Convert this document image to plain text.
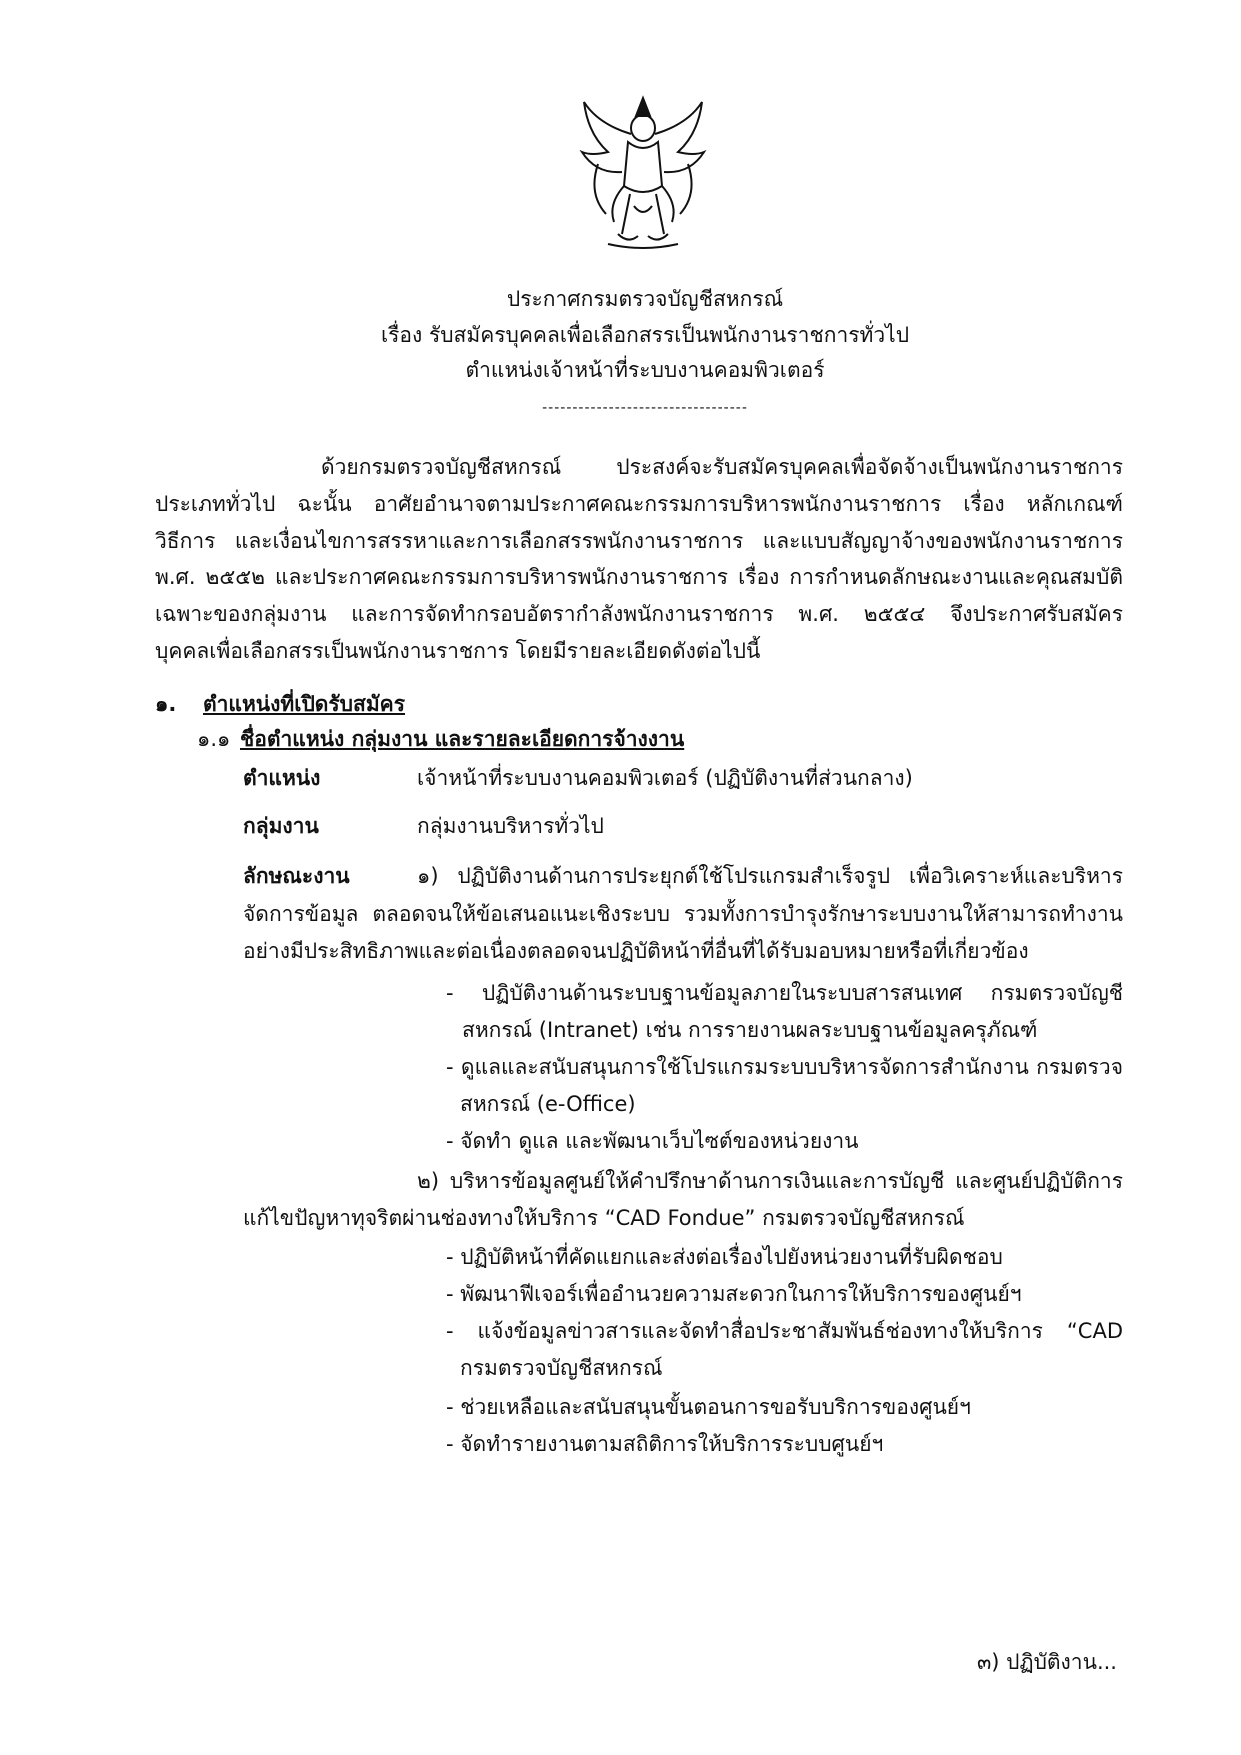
ประกาศกรมตรวจบัญชีสหกรณ์
เรื่อง รับสมัครบุคคลเพื่อเลือกสรรเป็นพนักงานราชการทั่วไป
ตำแหน่งเจ้าหน้าที่ระบบงานคอมพิวเตอร์
----------------------------------
ด้วยกรมตรวจบัญชีสหกรณ์ ประสงค์จะรับสมัครบุคคลเพื่อจัดจ้างเป็นพนักงานราชการ
ประเภททั่วไป ฉะนั้น อาศัยอำนาจตามประกาศคณะกรรมการบริหารพนักงานราชการ เรื่อง หลักเกณฑ์
วิธีการ และเงื่อนไขการสรรหาและการเลือกสรรพนักงานราชการ และแบบสัญญาจ้างของพนักงานราชการ
พ.ศ. ๒๕๕๒ และประกาศคณะกรรมการบริหารพนักงานราชการ เรื่อง การกำหนดลักษณะงานและคุณสมบัติ
เฉพาะของกลุ่มงาน และการจัดทำกรอบอัตรากำลังพนักงานราชการ พ.ศ. ๒๕๕๔ จึงประกาศรับสมัคร
บุคคลเพื่อเลือกสรรเป็นพนักงานราชการ โดยมีรายละเอียดดังต่อไปนี้
๑. ตำแหน่งที่เปิดรับสมัคร
๑.๑ ชื่อตำแหน่ง กลุ่มงาน และรายละเอียดการจ้างงาน
ตำแหน่ง	เจ้าหน้าที่ระบบงานคอมพิวเตอร์ (ปฏิบัติงานที่ส่วนกลาง)
กลุ่มงาน	กลุ่มงานบริหารทั่วไป
ลักษณะงาน	๑) ปฏิบัติงานด้านการประยุกต์ใช้โปรแกรมสำเร็จรูป เพื่อวิเคราะห์และบริหาร
จัดการข้อมูล ตลอดจนให้ข้อเสนอแนะเชิงระบบ รวมทั้งการบำรุงรักษาระบบงานให้สามารถทำงาน
อย่างมีประสิทธิภาพและต่อเนื่องตลอดจนปฏิบัติหน้าที่อื่นที่ได้รับมอบหมายหรือที่เกี่ยวข้อง
- ปฏิบัติงานด้านระบบฐานข้อมูลภายในระบบสารสนเทศ กรมตรวจบัญชี
สหกรณ์ (Intranet) เช่น การรายงานผลระบบฐานข้อมูลครุภัณฑ์
- ดูแลและสนับสนุนการใช้โปรแกรมระบบบริหารจัดการสำนักงาน กรมตรวจ
สหกรณ์ (e-Office)
- จัดทำ ดูแล และพัฒนาเว็บไซต์ของหน่วยงาน
๒) บริหารข้อมูลศูนย์ให้คำปรึกษาด้านการเงินและการบัญชี และศูนย์ปฏิบัติการ
แก้ไขปัญหาทุจริตผ่านช่องทางให้บริการ “CAD Fondue” กรมตรวจบัญชีสหกรณ์
- ปฏิบัติหน้าที่คัดแยกและส่งต่อเรื่องไปยังหน่วยงานที่รับผิดชอบ
- พัฒนาฟีเจอร์เพื่ออำนวยความสะดวกในการให้บริการของศูนย์ฯ
- แจ้งข้อมูลข่าวสารและจัดทำสื่อประชาสัมพันธ์ช่องทางให้บริการ “CAD
กรมตรวจบัญชีสหกรณ์
- ช่วยเหลือและสนับสนุนขั้นตอนการขอรับบริการของศูนย์ฯ
- จัดทำรายงานตามสถิติการให้บริการระบบศูนย์ฯ
๓) ปฏิบัติงาน...
